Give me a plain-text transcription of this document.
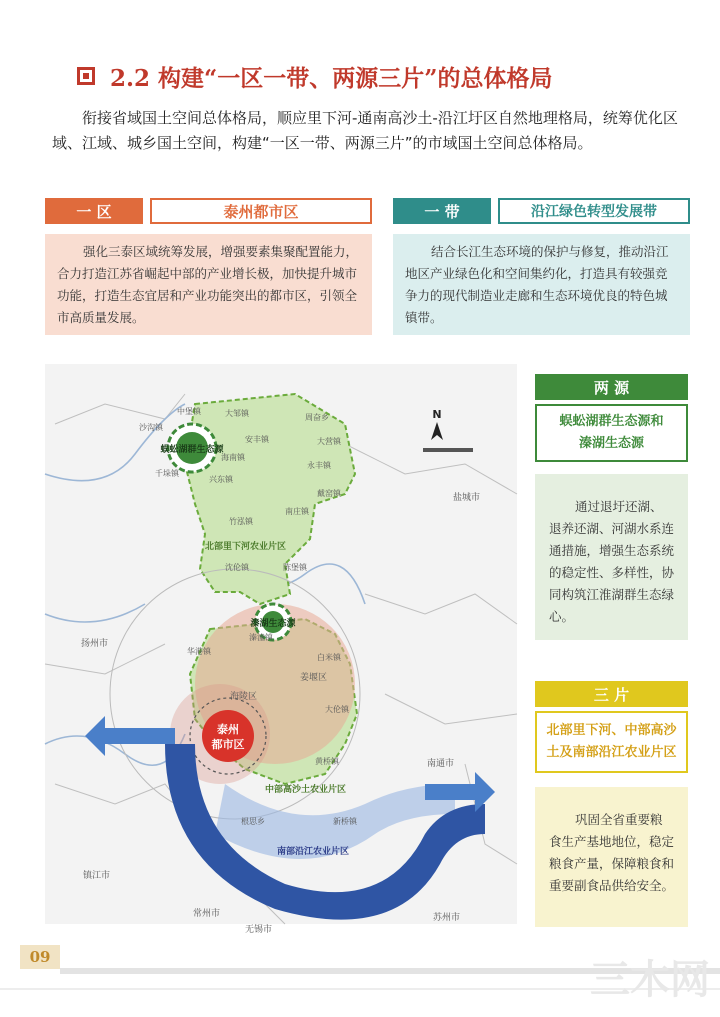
2.2 构建“一区一带、两源三片”的总体格局
衔接省域国土空间总体格局，顺应里下河-通南高沙土-沿江圩区自然地理格局，统筹优化区域、江域、城乡国土空间，构建“一区一带、两源三片”的市域国土空间总体格局。
一 区	泰州都市区
强化三泰区域统筹发展，增强要素集聚配置能力，合力打造江苏省崛起中部的产业增长极，加快提升城市功能，打造生态宜居和产业功能突出的都市区，引领全市高质量发展。
一 带	沿江绿色转型发展带
结合长江生态环境的保护与修复，推动沿江地区产业绿色化和空间集约化，打造具有较强竞争力的现代制造业走廊和生态环境优良的特色城镇带。
泰州
都市区
蜈蚣湖群生态源
溱湖生态源
北部里下河农业片区
中部高沙土农业片区
南部沿江农业片区
N
盐城市
扬州市
南通市
镇江市
常州市
无锡市
苏州市
海陵区
姜堰区
中堡镇
沙沟镇
大邹镇	周奋乡
安丰镇	大营镇
海南镇
永丰镇
千垛镇
兴东镇
戴窑镇
竹泓镇
南庄镇
沈伦镇	陈堡镇
溱潼镇
华港镇
白米镇
大伦镇
黄桥镇
新桥镇
根思乡
两 源
蜈蚣湖群生态源和
溱湖生态源
通过退圩还湖、退养还湖、河湖水系连通措施，增强生态系统的稳定性、多样性，协同构筑江淮湖群生态绿心。
三 片
北部里下河、中部高沙
土及南部沿江农业片区
巩固全省重要粮食生产基地地位，稳定粮食产量，保障粮食和重要副食品供给安全。
09	三木网
